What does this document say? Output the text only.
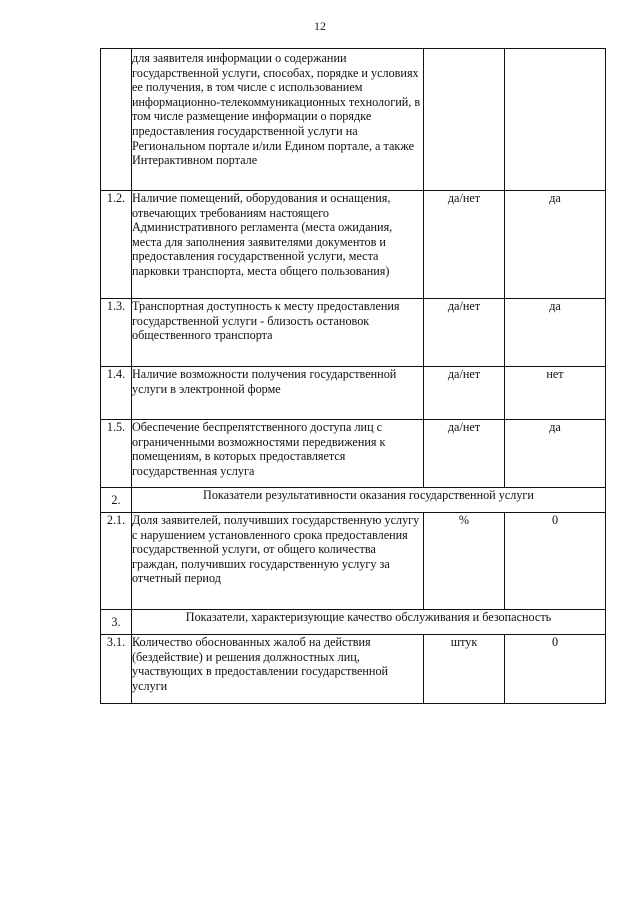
12
	для заявителя информации о содержании государственной услуги, способах, порядке и условиях ее получения, в том числе с использованием информационно-телекоммуникационных технологий, в том числе размещение информации о порядке предоставления государственной услуги на Региональном портале и/или Едином портале, а также Интерактивном портале		
1.2.	Наличие помещений, оборудования и оснащения, отвечающих требованиям настоящего Административного регламента (места ожидания, места для заполнения заявителями документов и предоставления государственной услуги, места парковки транспорта, места общего пользования)	да/нет	да
1.3.	Транспортная доступность к месту предоставления государственной услуги - близость остановок общественного транспорта	да/нет	да
1.4.	Наличие возможности получения государственной услуги в электронной форме	да/нет	нет
1.5.	Обеспечение беспрепятственного доступа лиц с ограниченными возможностями передвижения к помещениям, в которых предоставляется государственная услуга	да/нет	да
2.	Показатели результативности оказания государственной услуги		
2.1.	Доля заявителей, получивших государственную услугу с нарушением установленного срока предоставления государственной услуги, от общего количества граждан, получивших государственную услугу за отчетный период	%	0
3.	Показатели, характеризующие качество обслуживания и безопасность		
3.1.	Количество обоснованных жалоб на действия (бездействие) и решения должностных лиц, участвующих в предоставлении государственной услуги	штук	0
